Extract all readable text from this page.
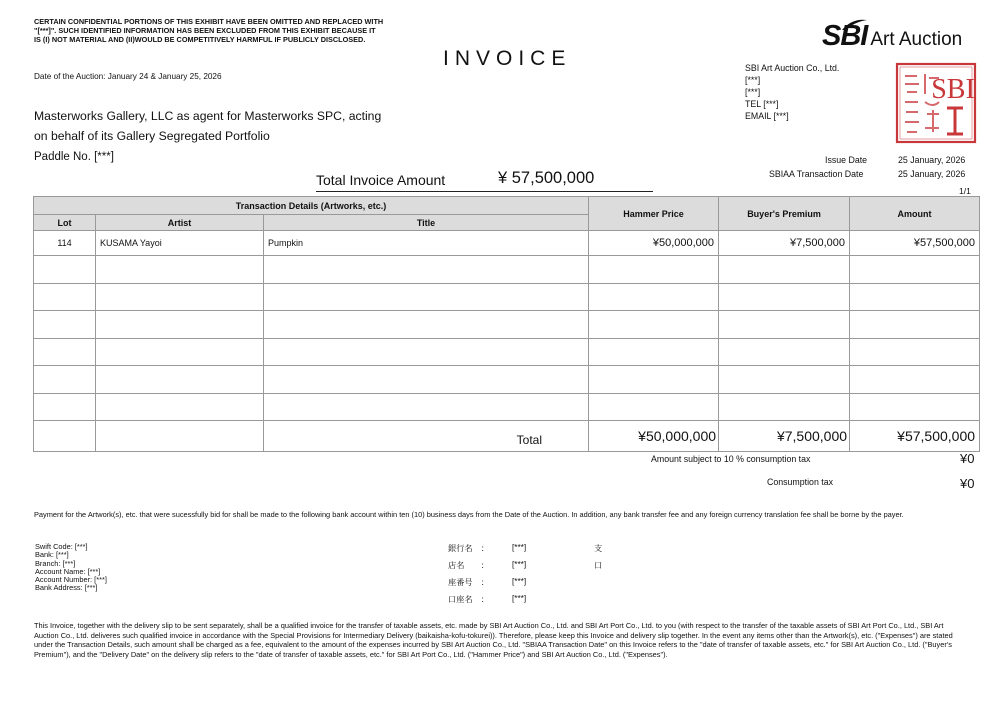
CERTAIN CONFIDENTIAL PORTIONS OF THIS EXHIBIT HAVE BEEN OMITTED AND REPLACED WITH "[***]". SUCH IDENTIFIED INFORMATION HAS BEEN EXCLUDED FROM THIS EXHIBIT BECAUSE IT IS (I) NOT MATERIAL AND (II)WOULD BE COMPETITIVELY HARMFUL IF PUBLICLY DISCLOSED.
INVOICE
Date of the Auction: January 24 & January 25, 2026
Masterworks Gallery, LLC as agent for Masterworks SPC, acting
on behalf of its Gallery Segregated Portfolio
Paddle No. [***]
Total Invoice Amount	¥ 57,500,000
SBI Art Auction
SBI Art Auction Co., Ltd.
[***]
[***]
TEL [***]
EMAIL [***]
SBI
Issue Date	25 January, 2026
SBIAA Transaction Date	25 January, 2026
1/1
Transaction Details (Artworks, etc.)			Hammer Price	Buyer's Premium	Amount
Lot	Artist	Title			
114	KUSAMA Yayoi	Pumpkin	¥50,000,000	¥7,500,000	¥57,500,000

		Total	¥50,000,000	¥7,500,000	¥57,500,000
Amount subject to 10 % consumption tax	¥0
Consumption tax	¥0
Payment for the Artwork(s), etc. that were sucessfully bid for shall be made to the following bank account within ten (10) business days from the Date of the Auction. In addition, any bank transfer fee and any foreign currency translation fee shall be borne by the payer.
Swift Code: [***]
Bank: [***]
Branch: [***]
Account Name: [***]
Account Number: [***]
Bank Address: [***]
銀行名　：	[***]	支
店名　　：	[***]	口
座番号　：	[***]
口座名　：	[***]
This Invoice, together with the delivery slip to be sent separately, shall be a qualified invoice for the transfer of taxable assets, etc. made by SBI Art Auction Co., Ltd. and SBI Art Port Co., Ltd. to you (with respect to the transfer of the taxable assets of SBI Art Port Co., Ltd., SBI Art Auction Co., Ltd. deliveres such qualified invoice in accordance with the Special Provisions for Intermediary Delivery (baikaisha-kofu-tokurei)). Therefore, please keep this Invoice and delivery slip together. In the event any items other than the Artwork(s), etc. ("Expenses") are stated under the Transaction Details, such amount shall be charged as a fee, equivalent to the amount of the expenses incurred by SBI Art Auction Co., Ltd. "SBIAA Transaction Date" on this Invoice refers to the "date of transfer of taxable assets, etc." for SBI Art Auction Co., Ltd. ("Buyer's Premium"), and the "Delivery Date" on the delivery slip refers to the "date of transfer of taxable assets, etc." for SBI Art Port Co., Ltd. ("Hammer Price") and SBI Art Auction Co., Ltd. ("Expenses").
